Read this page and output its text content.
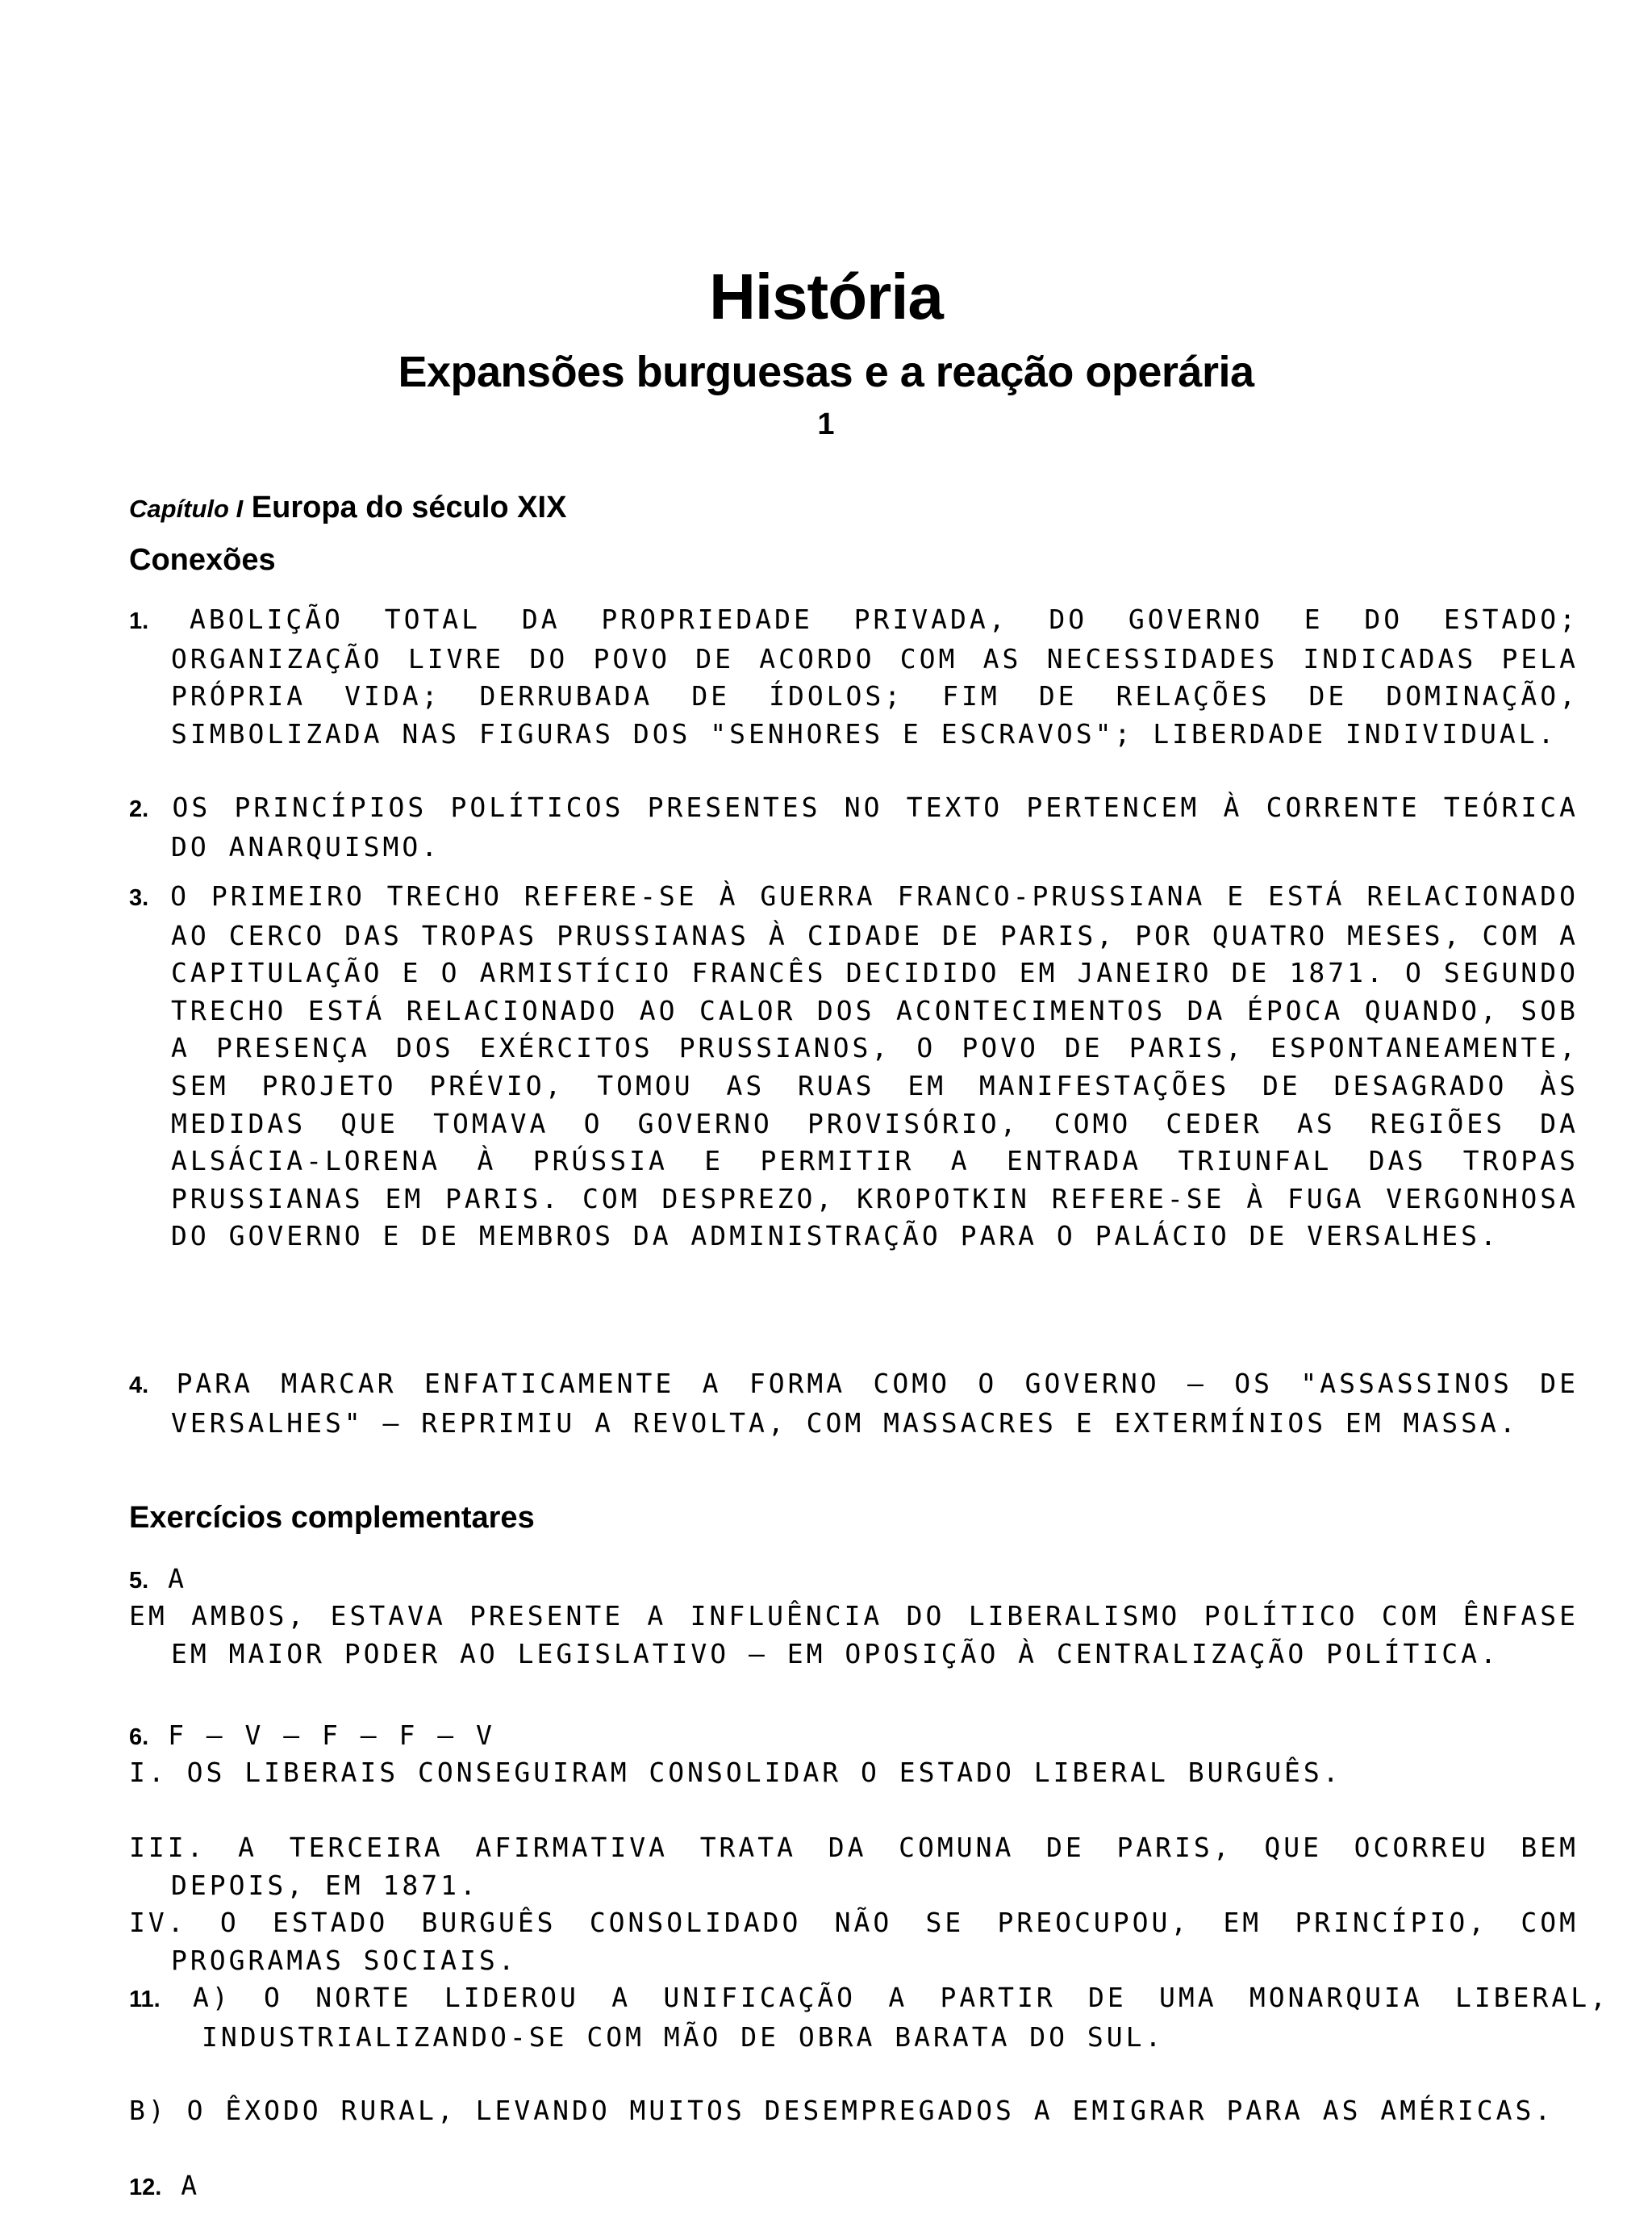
História
Expansões burguesas e a reação operária
1
Capítulo I Europa do século XIX
Conexões
1. ABOLIÇÃO TOTAL DA PROPRIEDADE PRIVADA, DO GOVERNO E DO ESTADO; ORGANIZAÇÃO LIVRE DO POVO DE ACORDO COM AS NECESSIDADES INDICADAS PELA PRÓPRIA VIDA; DERRUBADA DE ÍDOLOS; FIM DE RELAÇÕES DE DOMINAÇÃO, SIMBOLIZADA NAS FIGURAS DOS "SENHORES E ESCRAVOS"; LIBERDADE INDIVIDUAL.
2. OS PRINCÍPIOS POLÍTICOS PRESENTES NO TEXTO PERTENCEM À CORRENTE TEÓRICA DO ANARQUISMO.
3. O PRIMEIRO TRECHO REFERE-SE À GUERRA FRANCO-PRUSSIANA E ESTÁ RELACIONADO AO CERCO DAS TROPAS PRUSSIANAS À CIDADE DE PARIS, POR QUATRO MESES, COM A CAPITULAÇÃO E O ARMISTÍCIO FRANCÊS DECIDIDO EM JANEIRO DE 1871. O SEGUNDO TRECHO ESTÁ RELACIONADO AO CALOR DOS ACONTECIMENTOS DA ÉPOCA QUANDO, SOB A PRESENÇA DOS EXÉRCITOS PRUSSIANOS, O POVO DE PARIS, ESPONTANEAMENTE, SEM PROJETO PRÉVIO, TOMOU AS RUAS EM MANIFESTAÇÕES DE DESAGRADO ÀS MEDIDAS QUE TOMAVA O GOVERNO PROVISÓRIO, COMO CEDER AS REGIÕES DA ALSÁCIA-LORENA À PRÚSSIA E PERMITIR A ENTRADA TRIUNFAL DAS TROPAS PRUSSIANAS EM PARIS. COM DESPREZO, KROPOTKIN REFERE-SE À FUGA VERGONHOSA DO GOVERNO E DE MEMBROS DA ADMINISTRAÇÃO PARA O PALÁCIO DE VERSALHES.
4. PARA MARCAR ENFATICAMENTE A FORMA COMO O GOVERNO – OS "ASSASSINOS DE VERSALHES" – REPRIMIU A REVOLTA, COM MASSACRES E EXTERMÍNIOS EM MASSA.
Exercícios complementares
5. A
EM AMBOS, ESTAVA PRESENTE A INFLUÊNCIA DO LIBERALISMO POLÍTICO COM ÊNFASE EM MAIOR PODER AO LEGISLATIVO – EM OPOSIÇÃO À CENTRALIZAÇÃO POLÍTICA.
6. F – V – F – F – V
I. OS LIBERAIS CONSEGUIRAM CONSOLIDAR O ESTADO LIBERAL BURGUÊS.
III. A TERCEIRA AFIRMATIVA TRATA DA COMUNA DE PARIS, QUE OCORREU BEM DEPOIS, EM 1871.
IV. O ESTADO BURGUÊS CONSOLIDADO NÃO SE PREOCUPOU, EM PRINCÍPIO, COM PROGRAMAS SOCIAIS.
11. A) O NORTE LIDEROU A UNIFICAÇÃO A PARTIR DE UMA MONARQUIA LIBERAL, INDUSTRIALIZANDO-SE COM MÃO DE OBRA BARATA DO SUL.
B) O ÊXODO RURAL, LEVANDO MUITOS DESEMPREGADOS A EMIGRAR PARA AS AMÉRICAS.
12. A
